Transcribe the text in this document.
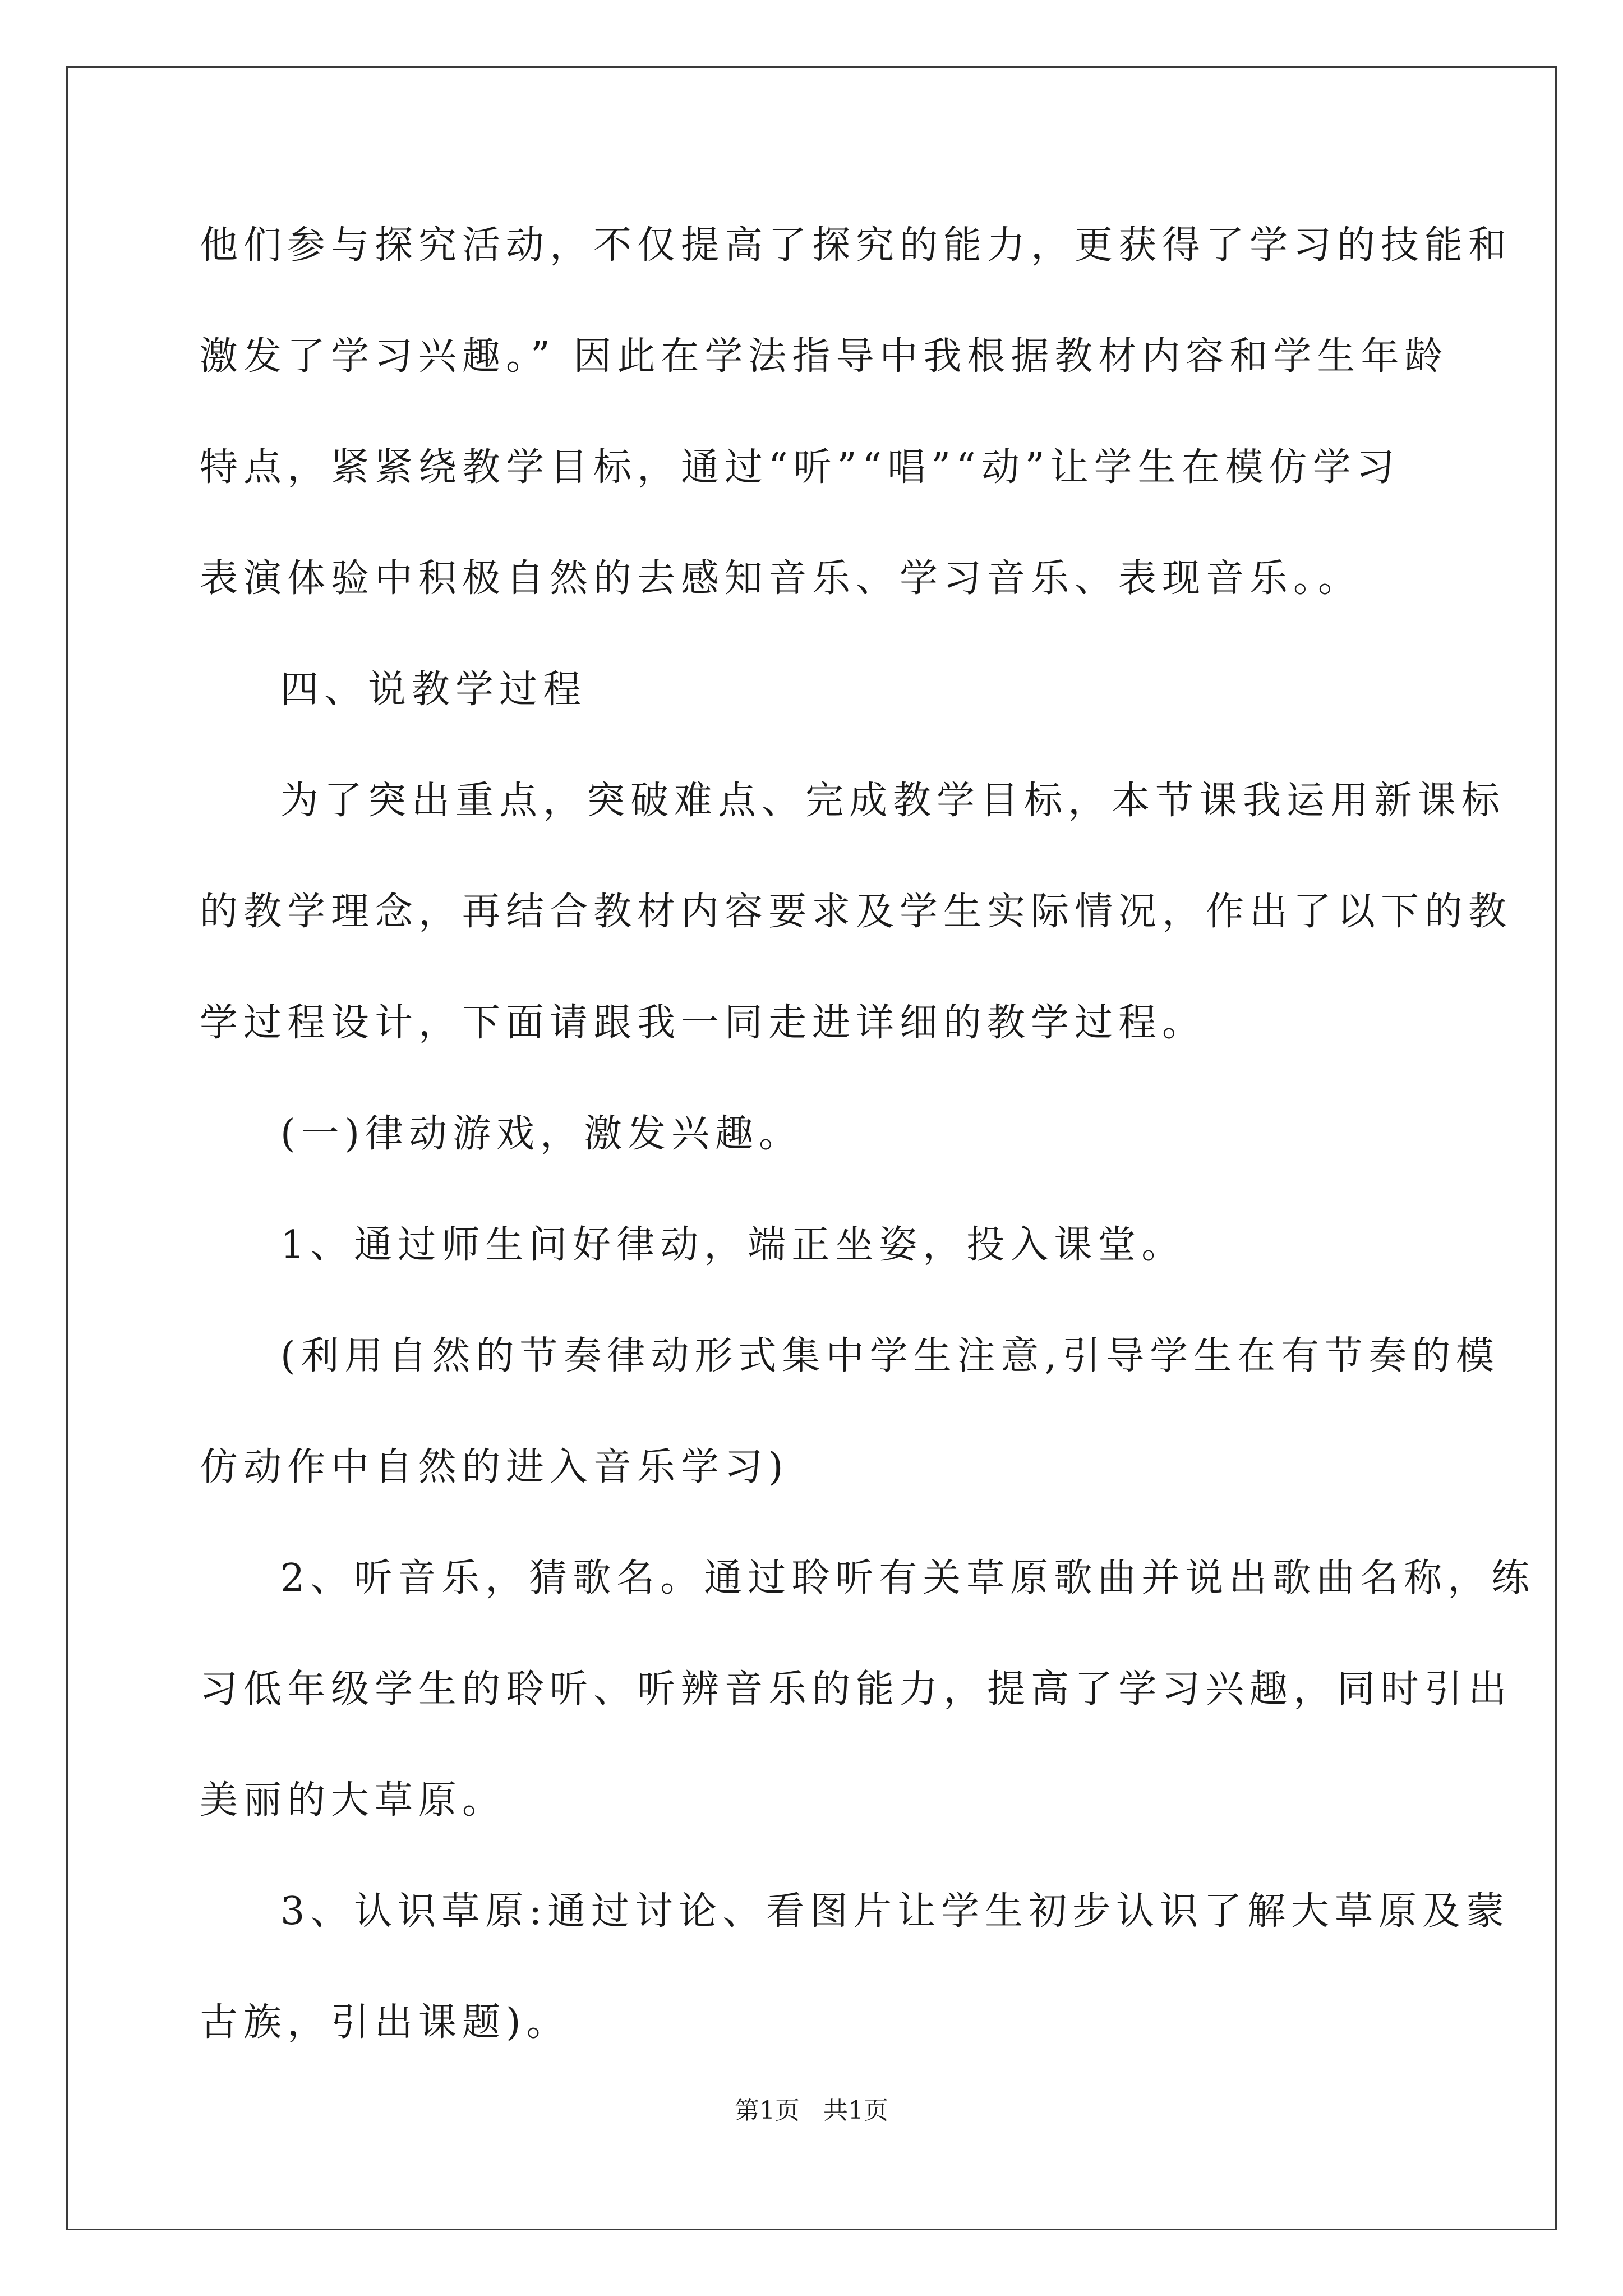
他们参与探究活动，不仅提高了探究的能力，更获得了学习的技能和
激发了学习兴趣。” 因此在学法指导中我根据教材内容和学生年龄
特点，紧紧绕教学目标，通过“听”“唱”“动”让学生在模仿学习
表演体验中积极自然的去感知音乐、学习音乐、表现音乐。。
四、说教学过程
为了突出重点，突破难点、完成教学目标，本节课我运用新课标
的教学理念，再结合教材内容要求及学生实际情况，作出了以下的教
学过程设计，下面请跟我一同走进详细的教学过程。
(一)律动游戏，激发兴趣。
1、通过师生问好律动，端正坐姿，投入课堂。
(利用自然的节奏律动形式集中学生注意,引导学生在有节奏的模
仿动作中自然的进入音乐学习)
2、听音乐，猜歌名。通过聆听有关草原歌曲并说出歌曲名称，练
习低年级学生的聆听、听辨音乐的能力，提高了学习兴趣，同时引出
美丽的大草原。
3、认识草原:通过讨论、看图片让学生初步认识了解大草原及蒙
古族，引出课题)。
第1页   共1页
